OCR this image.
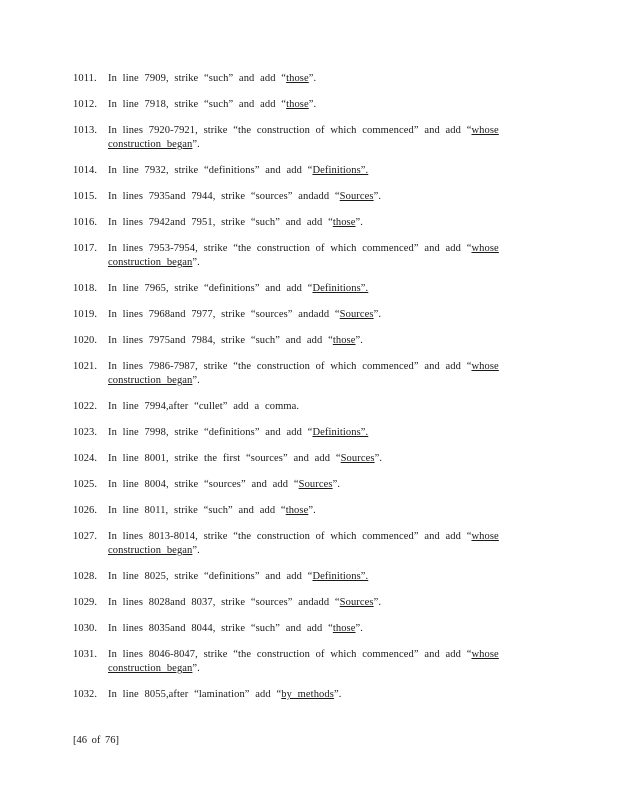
1011.	In line 7909, strike “such” and add “those”.
1012.	In line 7918, strike “such” and add “those”.
1013.	In lines 7920-7921, strike “the construction of which commenced” and add “whose construction began”.
1014.	In line 7932, strike “definitions” and add “Definitions”.
1015.	In lines 7935and 7944, strike “sources” andadd “Sources”.
1016.	In lines 7942and 7951, strike “such” and add “those”.
1017.	In lines 7953-7954, strike “the construction of which commenced” and add “whose construction began”.
1018.	In line 7965, strike “definitions” and add “Definitions”.
1019.	In lines 7968and 7977, strike “sources” andadd “Sources”.
1020.	In lines 7975and 7984, strike “such” and add “those”.
1021.	In lines 7986-7987, strike “the construction of which commenced” and add “whose construction began”.
1022.	In line 7994,after “cullet” add a comma.
1023.	In line 7998, strike “definitions” and add “Definitions”.
1024.	In line 8001, strike the first “sources” and add “Sources”.
1025.	In line 8004, strike “sources” and add “Sources”.
1026.	In line 8011, strike “such” and add “those”.
1027.	In lines 8013-8014, strike “the construction of which commenced” and add “whose construction began”.
1028.	In line 8025, strike “definitions” and add “Definitions”.
1029.	In lines 8028and 8037, strike “sources” andadd “Sources”.
1030.	In lines 8035and 8044, strike “such” and add “those”.
1031.	In lines 8046-8047, strike “the construction of which commenced” and add “whose construction began”.
1032.	In line 8055,after “lamination” add “by methods”.
[46 of 76]
